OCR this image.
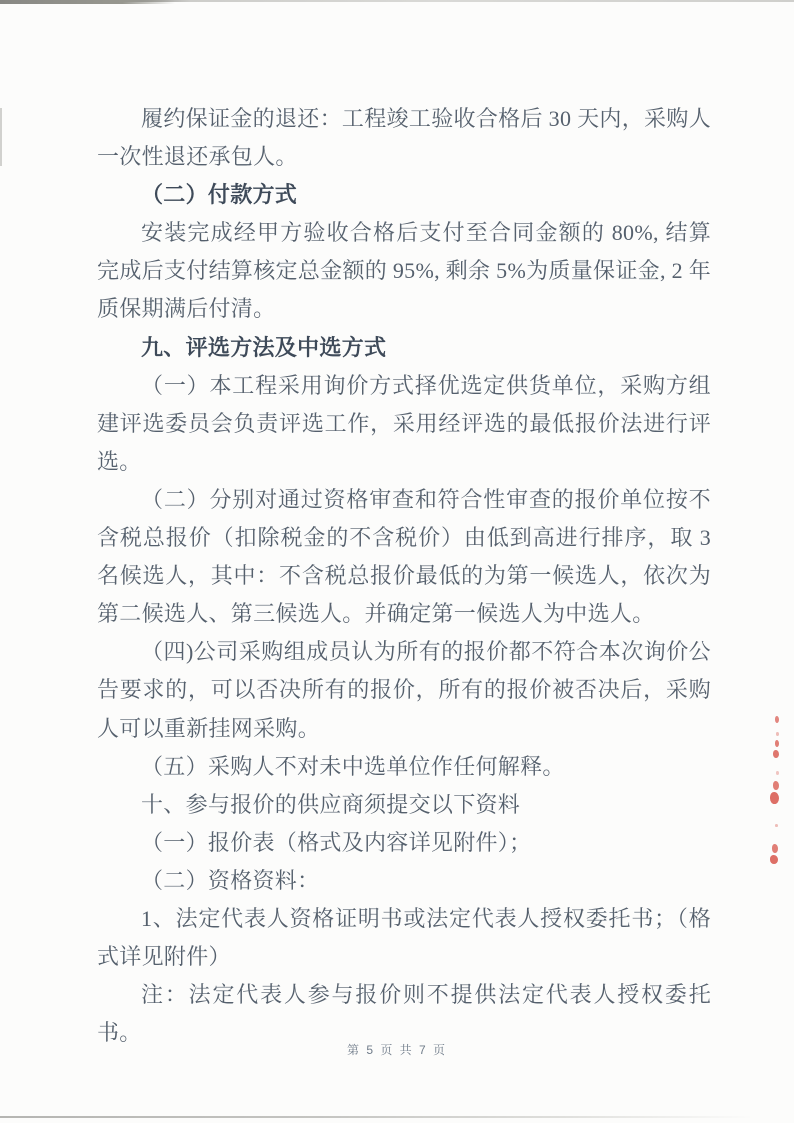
履约保证金的退还：工程竣工验收合格后 30 天内，采购人一次性退还承包人。

（二）付款方式

安装完成经甲方验收合格后支付至合同金额的 80%, 结算完成后支付结算核定总金额的 95%, 剩余 5%为质量保证金, 2 年质保期满后付清。

九、评选方法及中选方式

（一）本工程采用询价方式择优选定供货单位，采购方组建评选委员会负责评选工作，采用经评选的最低报价法进行评选。

（二）分别对通过资格审查和符合性审查的报价单位按不含税总报价（扣除税金的不含税价）由低到高进行排序，取 3 名候选人，其中：不含税总报价最低的为第一候选人，依次为第二候选人、第三候选人。并确定第一候选人为中选人。

（四)公司采购组成员认为所有的报价都不符合本次询价公告要求的，可以否决所有的报价，所有的报价被否决后，采购人可以重新挂网采购。

（五）采购人不对未中选单位作任何解释。

十、参与报价的供应商须提交以下资料

（一）报价表（格式及内容详见附件）；

（二）资格资料：

1、法定代表人资格证明书或法定代表人授权委托书；（格式详见附件）

注：法定代表人参与报价则不提供法定代表人授权委托书。

第 5 页 共 7 页
